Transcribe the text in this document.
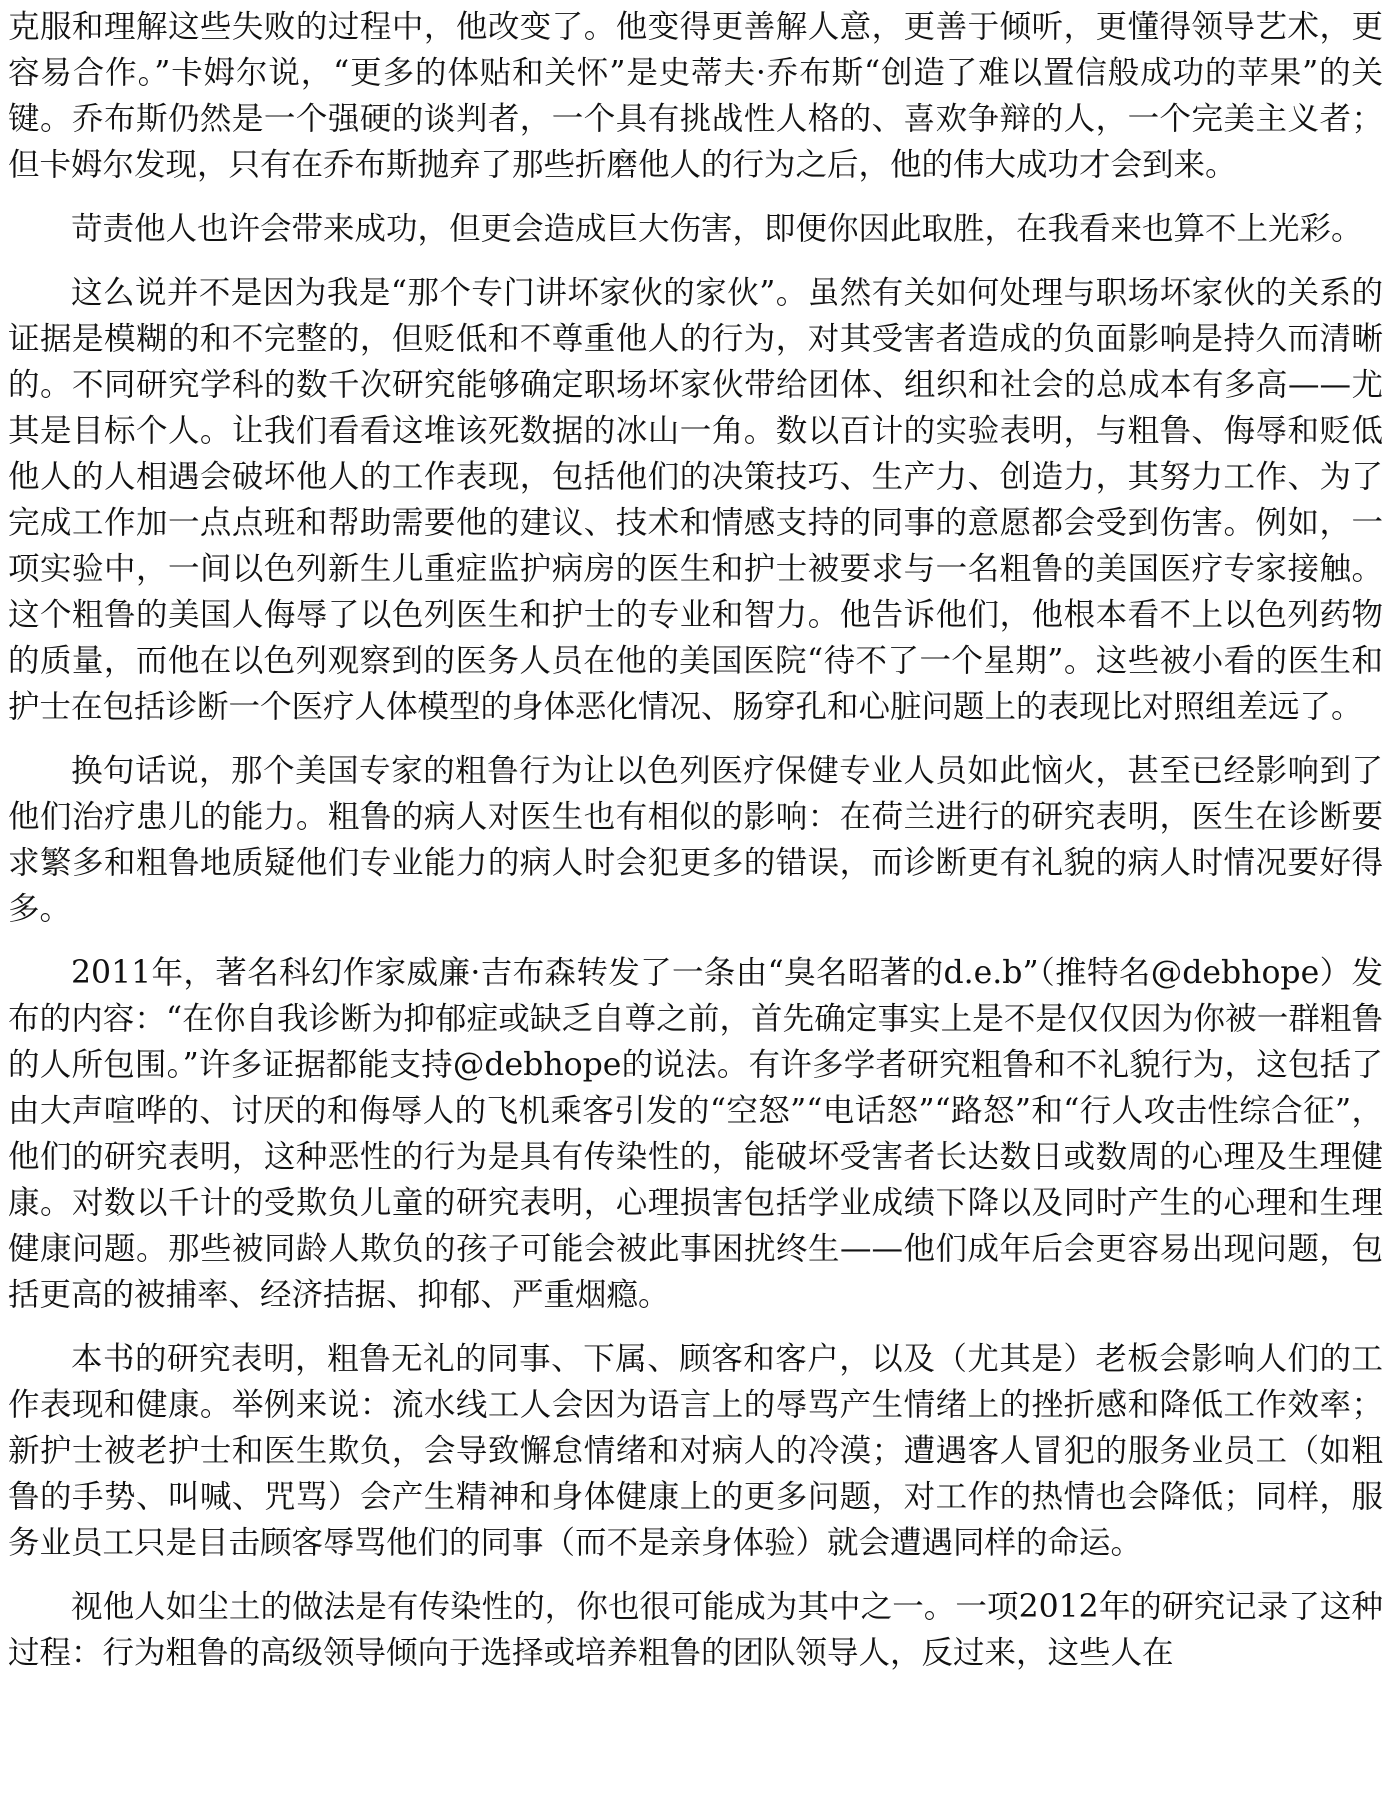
克服和理解这些失败的过程中，他改变了。他变得更善解人意，更善于倾听，更懂得领导艺术，更容易合作。”卡姆尔说，“更多的体贴和关怀”是史蒂夫·乔布斯“创造了难以置信般成功的苹果”的关键。乔布斯仍然是一个强硬的谈判者，一个具有挑战性人格的、喜欢争辩的人，一个完美主义者；但卡姆尔发现，只有在乔布斯抛弃了那些折磨他人的行为之后，他的伟大成功才会到来。

苛责他人也许会带来成功，但更会造成巨大伤害，即便你因此取胜，在我看来也算不上光彩。

这么说并不是因为我是“那个专门讲坏家伙的家伙”。虽然有关如何处理与职场坏家伙的关系的证据是模糊的和不完整的，但贬低和不尊重他人的行为，对其受害者造成的负面影响是持久而清晰的。不同研究学科的数千次研究能够确定职场坏家伙带给团体、组织和社会的总成本有多高——尤其是目标个人。让我们看看这堆该死数据的冰山一角。数以百计的实验表明，与粗鲁、侮辱和贬低他人的人相遇会破坏他人的工作表现，包括他们的决策技巧、生产力、创造力，其努力工作、为了完成工作加一点点班和帮助需要他的建议、技术和情感支持的同事的意愿都会受到伤害。例如，一项实验中，一间以色列新生儿重症监护病房的医生和护士被要求与一名粗鲁的美国医疗专家接触。这个粗鲁的美国人侮辱了以色列医生和护士的专业和智力。他告诉他们，他根本看不上以色列药物的质量，而他在以色列观察到的医务人员在他的美国医院“待不了一个星期”。这些被小看的医生和护士在包括诊断一个医疗人体模型的身体恶化情况、肠穿孔和心脏问题上的表现比对照组差远了。

换句话说，那个美国专家的粗鲁行为让以色列医疗保健专业人员如此恼火，甚至已经影响到了他们治疗患儿的能力。粗鲁的病人对医生也有相似的影响：在荷兰进行的研究表明，医生在诊断要求繁多和粗鲁地质疑他们专业能力的病人时会犯更多的错误，而诊断更有礼貌的病人时情况要好得多。

2011年，著名科幻作家威廉·吉布森转发了一条由“臭名昭著的d.e.b”（推特名@debhope）发布的内容：“在你自我诊断为抑郁症或缺乏自尊之前，首先确定事实上是不是仅仅因为你被一群粗鲁的人所包围。”许多证据都能支持@debhope的说法。有许多学者研究粗鲁和不礼貌行为，这包括了由大声喧哗的、讨厌的和侮辱人的飞机乘客引发的“空怒”“电话怒”“路怒”和“行人攻击性综合征”，他们的研究表明，这种恶性的行为是具有传染性的，能破坏受害者长达数日或数周的心理及生理健康。对数以千计的受欺负儿童的研究表明，心理损害包括学业成绩下降以及同时产生的心理和生理健康问题。那些被同龄人欺负的孩子可能会被此事困扰终生——他们成年后会更容易出现问题，包括更高的被捕率、经济拮据、抑郁、严重烟瘾。

本书的研究表明，粗鲁无礼的同事、下属、顾客和客户，以及（尤其是）老板会影响人们的工作表现和健康。举例来说：流水线工人会因为语言上的辱骂产生情绪上的挫折感和降低工作效率；新护士被老护士和医生欺负，会导致懈怠情绪和对病人的冷漠；遭遇客人冒犯的服务业员工（如粗鲁的手势、叫喊、咒骂）会产生精神和身体健康上的更多问题，对工作的热情也会降低；同样，服务业员工只是目击顾客辱骂他们的同事（而不是亲身体验）就会遭遇同样的命运。

视他人如尘土的做法是有传染性的，你也很可能成为其中之一。一项2012年的研究记录了这种过程：行为粗鲁的高级领导倾向于选择或培养粗鲁的团队领导人，反过来，这些人在
